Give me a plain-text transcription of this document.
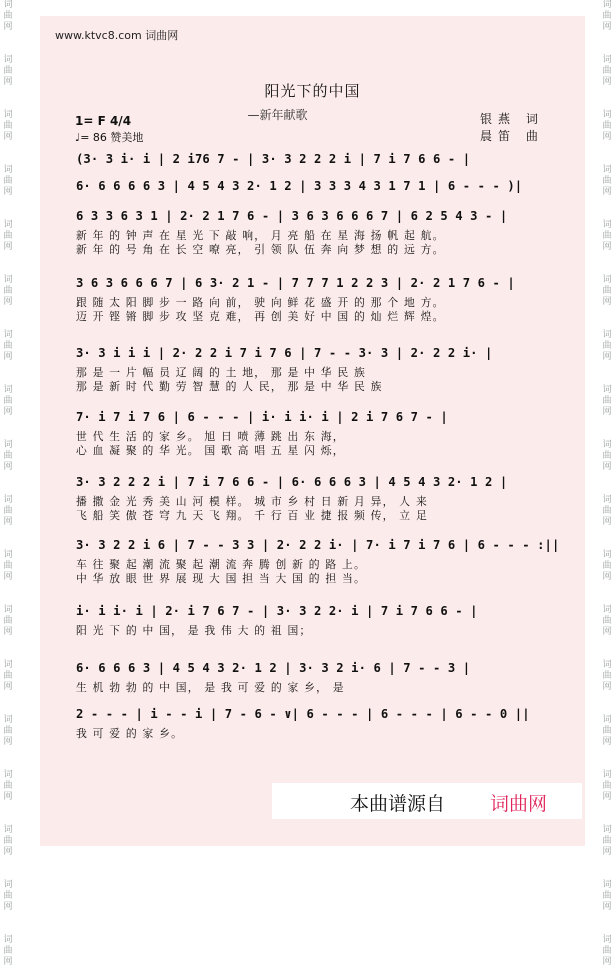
词
曲
网

词
曲
网

词
曲
网

词
曲
网

词
曲
网

词
曲
网

词
曲
网

词
曲
网

词
曲
网

词
曲
网

词
曲
网

词
曲
网

词
曲
网

词
曲
网

词
曲
网

词
曲
网

词
曲
网

词
曲
网
词
曲
网

词
曲
网

词
曲
网

词
曲
网

词
曲
网

词
曲
网

词
曲
网

词
曲
网

词
曲
网

词
曲
网

词
曲
网

词
曲
网

词
曲
网

词
曲
网

词
曲
网

词
曲
网

词
曲
网

词
曲
网
www.ktvc8.com 词曲网
阳光下的中国
—新年献歌
1= F 4/4
♩= 86 赞美地
银燕 词
晨笛 曲
(3· 3 i· i | 2 i76 7 - | 3· 3 2 2 2 i | 7 i 7 6 6 - |
6· 6 6 6 6 3 | 4 5 4 3 2· 1 2 | 3 3 3 4 3 1 7 1 | 6 - - - )|
6 3 3 6 3 1 | 2· 2 1 7 6 - | 3 6 3 6 6 6 7 | 6 2 5 4 3 - |
新 年 的 钟 声 在 星 光 下 敲 响， 月 亮 船 在 星 海 扬 帆 起 航。
新 年 的 号 角 在 长 空 嘹 亮， 引 领 队 伍 奔 向 梦 想 的 远 方。
3 6 3 6 6 6 7 | 6 3· 2 1 - | 7 7 7 1 2 2 3 | 2· 2 1 7 6 - |
跟 随 太 阳 脚 步 一 路 向 前， 驶 向 鲜 花 盛 开 的 那 个 地 方。
迈 开 铿 锵 脚 步 攻 坚 克 难， 再 创 美 好 中 国 的 灿 烂 辉 煌。
3· 3 i i i | 2· 2 2 i 7 i 7 6 | 7 - - 3· 3 | 2· 2 2 i· |
那 是 一 片 幅 员 辽 阔 的 土 地， 那 是 中 华 民 族
那 是 新 时 代 勤 劳 智 慧 的 人 民， 那 是 中 华 民 族
7· i 7 i 7 6 | 6 - - - | i· i i· i | 2 i 7 6 7 - |
世 代 生 活 的 家 乡。 旭 日 喷 薄 跳 出 东 海，
心 血 凝 聚 的 华 光。 国 歌 高 唱 五 星 闪 烁，
3· 3 2 2 2 i | 7 i 7 6 6 - | 6· 6 6 6 3 | 4 5 4 3 2· 1 2 |
播 撒 金 光 秀 美 山 河 模 样。 城 市 乡 村 日 新 月 异， 人 来
飞 船 笑 傲 苍 穹 九 天 飞 翔。 千 行 百 业 捷 报 频 传， 立 足
3· 3 2 2 i 6 | 7 - - 3 3 | 2· 2 2 i· | 7· i 7 i 7 6 | 6 - - - :||
车 往 聚 起 潮 流 聚 起 潮 流 奔 腾 创 新 的 路 上。
中 华 放 眼 世 界 展 现 大 国 担 当 大 国 的 担 当。
i· i i· i | 2· i 7 6 7 - | 3· 3 2 2· i | 7 i 7 6 6 - |
阳 光 下 的 中 国， 是 我 伟 大 的 祖 国；
6· 6 6 6 3 | 4 5 4 3 2· 1 2 | 3· 3 2 i· 6 | 7 - - 3 |
生 机 勃 勃 的 中 国， 是 我 可 爱 的 家 乡， 是
2 - - - | i - - i | 7 - 6 - ∨| 6 - - - | 6 - - - | 6 - - 0 ||
我 可 爱 的 家 乡。
本曲谱源自 词曲网
